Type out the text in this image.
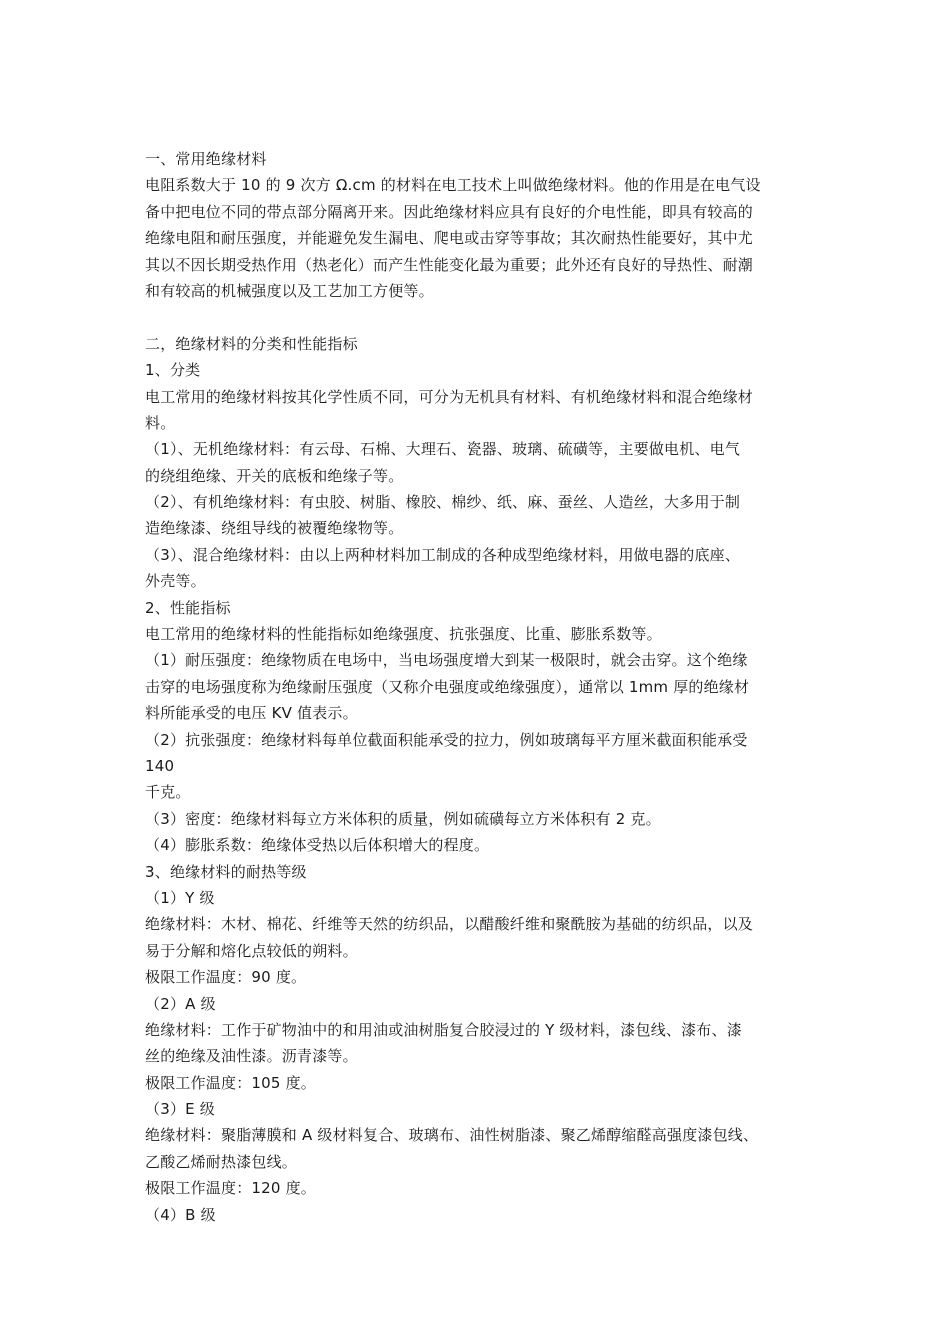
一、常用绝缘材料
电阻系数大于 10 的 9 次方 Ω.cm 的材料在电工技术上叫做绝缘材料。他的作用是在电气设
备中把电位不同的带点部分隔离开来。因此绝缘材料应具有良好的介电性能，即具有较高的
绝缘电阻和耐压强度，并能避免发生漏电、爬电或击穿等事故；其次耐热性能要好，其中尤
其以不因长期受热作用（热老化）而产生性能变化最为重要；此外还有良好的导热性、耐潮
和有较高的机械强度以及工艺加工方便等。
二，绝缘材料的分类和性能指标
1、分类
电工常用的绝缘材料按其化学性质不同，可分为无机具有材料、有机绝缘材料和混合绝缘材
料。
（1）、无机绝缘材料：有云母、石棉、大理石、瓷器、玻璃、硫磺等，主要做电机、电气
的绕组绝缘、开关的底板和绝缘子等。
（2）、有机绝缘材料：有虫胶、树脂、橡胶、棉纱、纸、麻、蚕丝、人造丝，大多用于制
造绝缘漆、绕组导线的被覆绝缘物等。
（3）、混合绝缘材料：由以上两种材料加工制成的各种成型绝缘材料，用做电器的底座、
外壳等。
2、性能指标
电工常用的绝缘材料的性能指标如绝缘强度、抗张强度、比重、膨胀系数等。
（1）耐压强度：绝缘物质在电场中，当电场强度增大到某一极限时，就会击穿。这个绝缘
击穿的电场强度称为绝缘耐压强度（又称介电强度或绝缘强度），通常以 1mm 厚的绝缘材
料所能承受的电压 KV 值表示。
（2）抗张强度：绝缘材料每单位截面积能承受的拉力，例如玻璃每平方厘米截面积能承受
140
千克。
（3）密度：绝缘材料每立方米体积的质量，例如硫磺每立方米体积有 2 克。
（4）膨胀系数：绝缘体受热以后体积增大的程度。
3、绝缘材料的耐热等级
（1）Y 级
绝缘材料：木材、棉花、纤维等天然的纺织品，以醋酸纤维和聚酰胺为基础的纺织品，以及
易于分解和熔化点较低的朔料。
极限工作温度：90 度。
（2）A 级
绝缘材料：工作于矿物油中的和用油或油树脂复合胶浸过的 Y 级材料，漆包线、漆布、漆
丝的绝缘及油性漆。沥青漆等。
极限工作温度：105 度。
（3）E 级
绝缘材料：聚脂薄膜和 A 级材料复合、玻璃布、油性树脂漆、聚乙烯醇缩醛高强度漆包线、
乙酸乙烯耐热漆包线。
极限工作温度：120 度。
（4）B 级
